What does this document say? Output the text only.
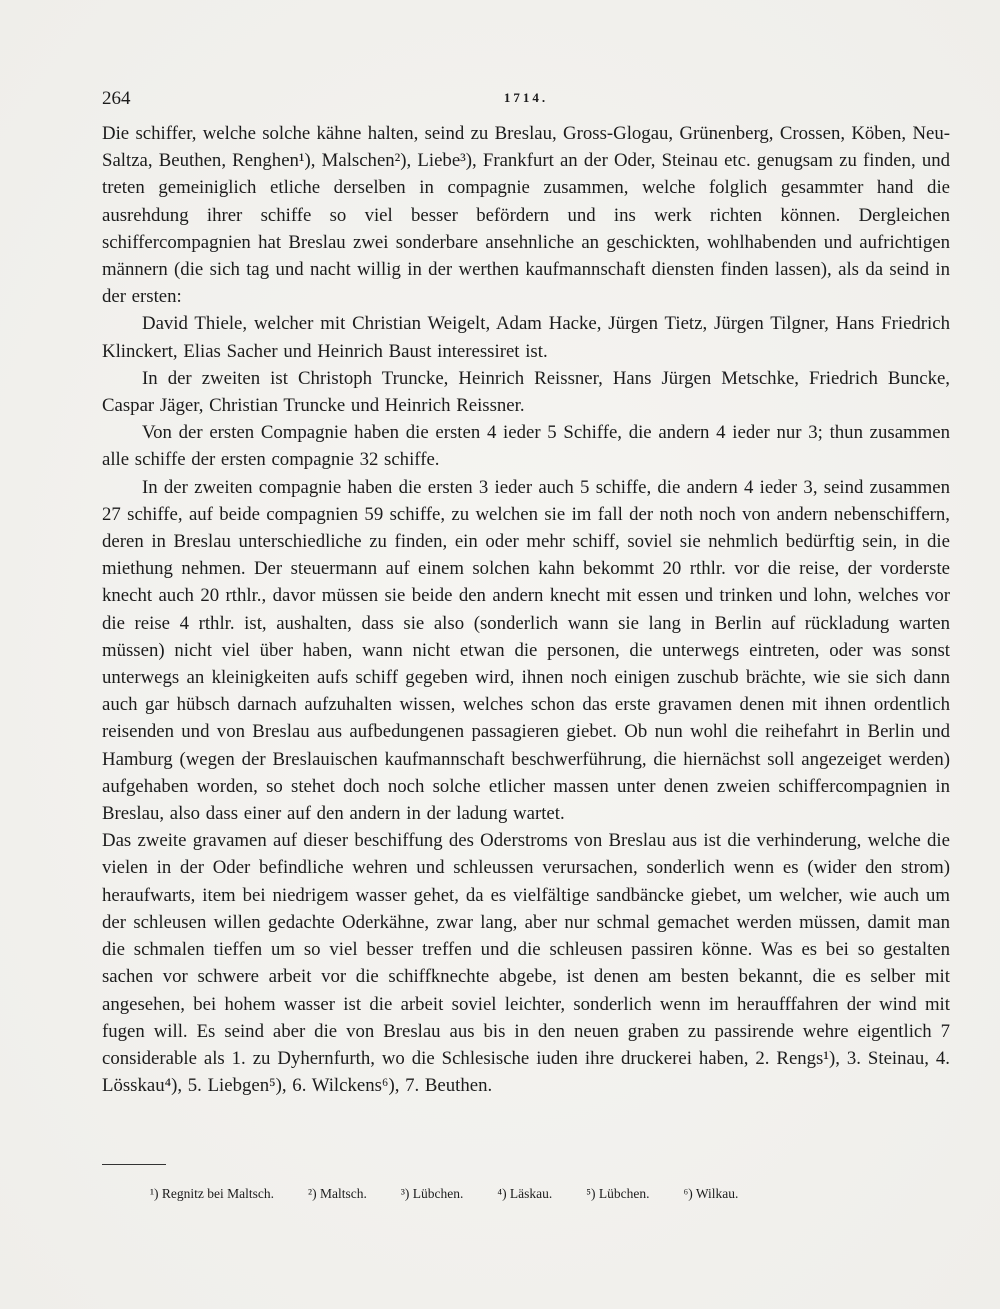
264	1714.

Die schiffer, welche solche kähne halten, seind zu Breslau, Gross-Glogau, Grünenberg, Crossen, Köben, Neu-Saltza, Beuthen, Renghen¹), Malschen²), Liebe³), Frankfurt an der Oder, Steinau etc. genugsam zu finden, und treten gemeiniglich etliche derselben in compagnie zusammen, welche folglich gesammter hand die ausrehdung ihrer schiffe so viel besser befördern und ins werk richten können. Dergleichen schiffercompagnien hat Breslau zwei sonderbare ansehnliche an geschickten, wohlhabenden und aufrichtigen männern (die sich tag und nacht willig in der werthen kaufmannschaft diensten finden lassen), als da seind in der ersten:

David Thiele, welcher mit Christian Weigelt, Adam Hacke, Jürgen Tietz, Jürgen Tilgner, Hans Friedrich Klinckert, Elias Sacher und Heinrich Baust interessiret ist.

In der zweiten ist Christoph Truncke, Heinrich Reissner, Hans Jürgen Metschke, Friedrich Buncke, Caspar Jäger, Christian Truncke und Heinrich Reissner.

Von der ersten Compagnie haben die ersten 4 ieder 5 Schiffe, die andern 4 ieder nur 3; thun zusammen alle schiffe der ersten compagnie 32 schiffe.

In der zweiten compagnie haben die ersten 3 ieder auch 5 schiffe, die andern 4 ieder 3, seind zusammen 27 schiffe, auf beide compagnien 59 schiffe, zu welchen sie im fall der noth noch von andern nebenschiffern, deren in Breslau unterschiedliche zu finden, ein oder mehr schiff, soviel sie nehmlich bedürftig sein, in die miethung nehmen. Der steuermann auf einem solchen kahn bekommt 20 rthlr. vor die reise, der vorderste knecht auch 20 rthlr., davor müssen sie beide den andern knecht mit essen und trinken und lohn, welches vor die reise 4 rthlr. ist, aushalten, dass sie also (sonderlich wann sie lang in Berlin auf rückladung warten müssen) nicht viel über haben, wann nicht etwan die personen, die unterwegs eintreten, oder was sonst unterwegs an kleinigkeiten aufs schiff gegeben wird, ihnen noch einigen zuschub brächte, wie sie sich dann auch gar hübsch darnach aufzuhalten wissen, welches schon das erste gravamen denen mit ihnen ordentlich reisenden und von Breslau aus aufbedungenen passagieren giebet. Ob nun wohl die reihefahrt in Berlin und Hamburg (wegen der Breslauischen kaufmannschaft beschwerführung, die hiernächst soll angezeiget werden) aufgehaben worden, so stehet doch noch solche etlicher massen unter denen zweien schiffercompagnien in Breslau, also dass einer auf den andern in der ladung wartet.

Das zweite gravamen auf dieser beschiffung des Oderstroms von Breslau aus ist die verhinderung, welche die vielen in der Oder befindliche wehren und schleussen verursachen, sonderlich wenn es (wider den strom) heraufwarts, item bei niedrigem wasser gehet, da es vielfältige sandbäncke giebet, um welcher, wie auch um der schleusen willen gedachte Oderkähne, zwar lang, aber nur schmal gemachet werden müssen, damit man die schmalen tieffen um so viel besser treffen und die schleusen passiren könne. Was es bei so gestalten sachen vor schwere arbeit vor die schiffknechte abgebe, ist denen am besten bekannt, die es selber mit angesehen, bei hohem wasser ist die arbeit soviel leichter, sonderlich wenn im heraufffahren der wind mit fugen will. Es seind aber die von Breslau aus bis in den neuen graben zu passirende wehre eigentlich 7 considerable als 1. zu Dyhernfurth, wo die Schlesische iuden ihre druckerei haben, 2. Rengs¹), 3. Steinau, 4. Lösskau⁴), 5. Liebgen⁵), 6. Wilckens⁶), 7. Beuthen.

¹) Regnitz bei Maltsch.	²) Maltsch.	³) Lübchen.	⁴) Läskau.	⁵) Lübchen.	⁶) Wilkau.
